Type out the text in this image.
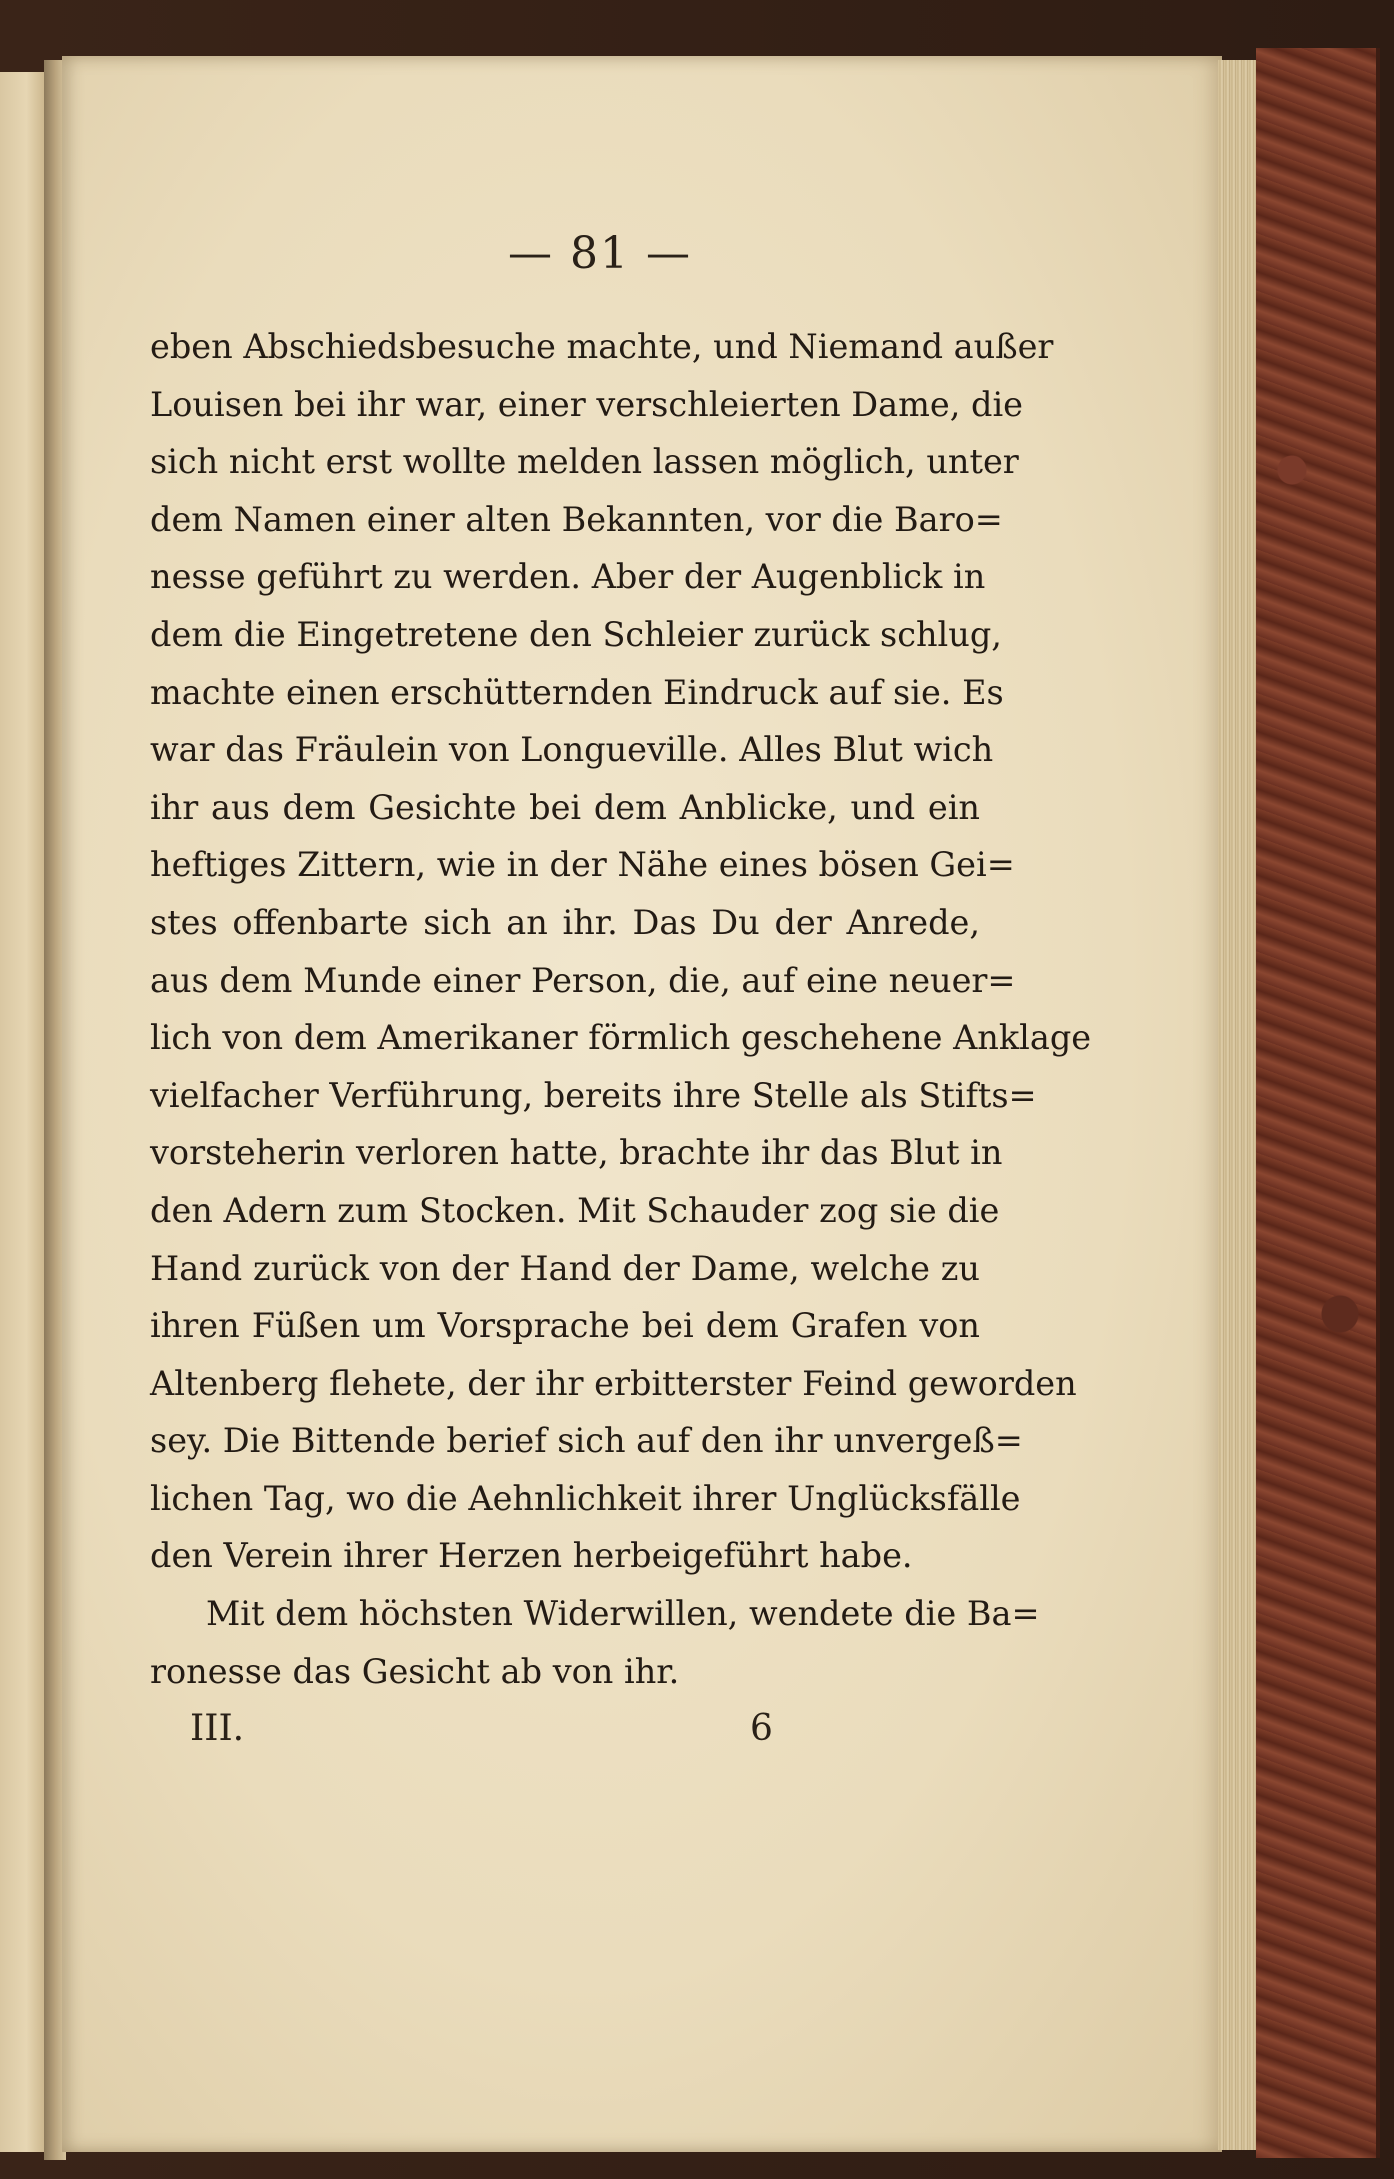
— 81 —
eben Abschiedsbesuche machte, und Niemand außer
Louisen bei ihr war, einer verschleierten Dame, die
sich nicht erst wollte melden lassen möglich, unter
dem Namen einer alten Bekannten, vor die Baro=
nesse geführt zu werden. Aber der Augenblick in
dem die Eingetretene den Schleier zurück schlug,
machte einen erschütternden Eindruck auf sie. Es
war das Fräulein von Longueville. Alles Blut wich
ihr aus dem Gesichte bei dem Anblicke, und ein
heftiges Zittern, wie in der Nähe eines bösen Gei=
stes offenbarte sich an ihr. Das Du der Anrede,
aus dem Munde einer Person, die, auf eine neuer=
lich von dem Amerikaner förmlich geschehene Anklage
vielfacher Verführung, bereits ihre Stelle als Stifts=
vorsteherin verloren hatte, brachte ihr das Blut in
den Adern zum Stocken. Mit Schauder zog sie die
Hand zurück von der Hand der Dame, welche zu
ihren Füßen um Vorsprache bei dem Grafen von
Altenberg flehete, der ihr erbitterster Feind geworden
sey. Die Bittende berief sich auf den ihr unvergeß=
lichen Tag, wo die Aehnlichkeit ihrer Unglücksfälle
den Verein ihrer Herzen herbeigeführt habe.
Mit dem höchsten Widerwillen, wendete die Ba=
ronesse das Gesicht ab von ihr.
III.	6
